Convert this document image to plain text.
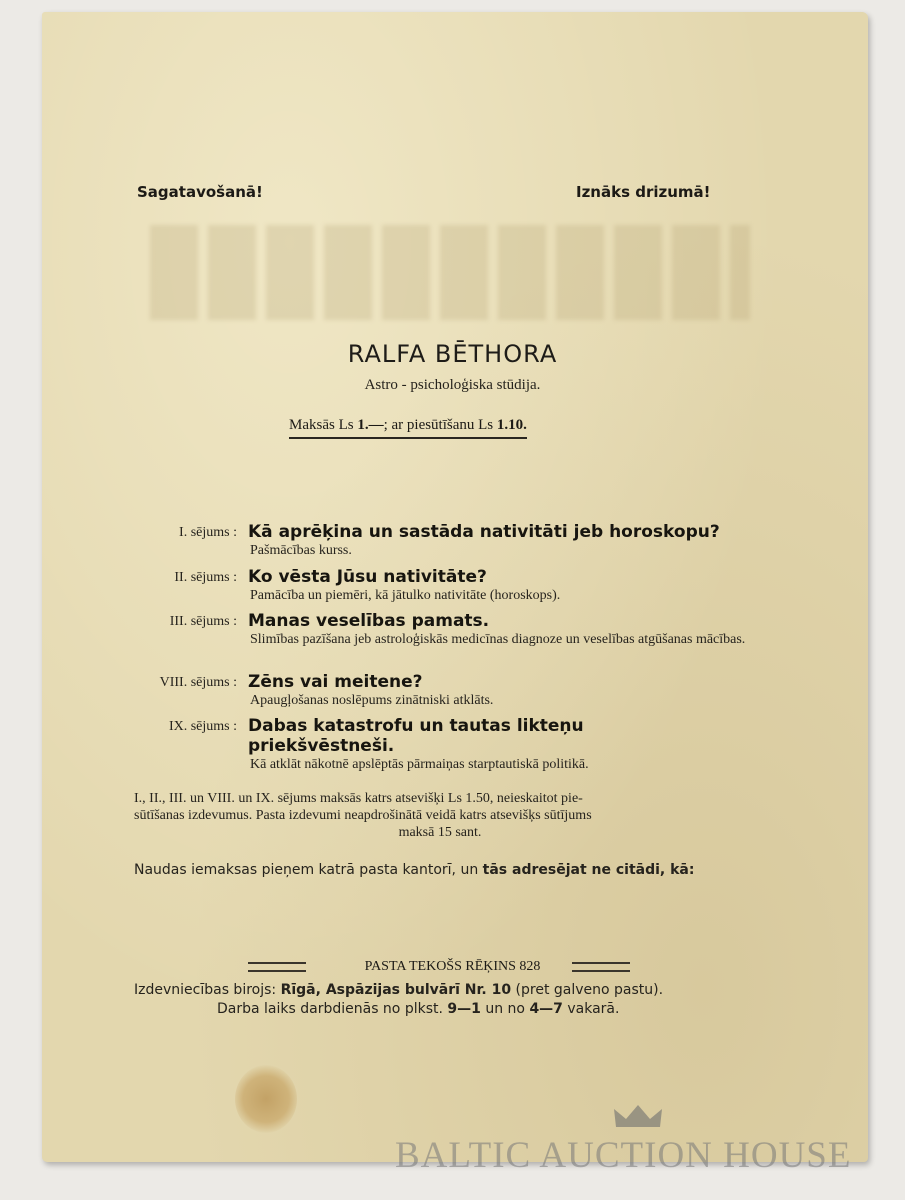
Sagatavošanā!	Iznāks drizumā!
RALFA BĒTHORA
Astro - psicholoģiska stūdija.
Maksās Ls 1.—; ar piesūtīšanu Ls 1.10.
I. sējums : Kā aprēķina un sastāda nativitāti jeb horoskopu?
Pašmācības kurss.
II. sējums : Ko vēsta Jūsu nativitāte?
Pamācība un piemēri, kā jātulko nativitāte (horoskops).
III. sējums : Manas veselības pamats.
Slimības pazīšana jeb astroloģiskās medicīnas diagnoze un veselības atgūšanas mācības.
VIII. sējums : Zēns vai meitene?
Apaugļošanas noslēpums zinātniski atklāts.
IX. sējums : Dabas katastrofu un tautas likteņu
priekšvēstneši.
Kā atklāt nākotnē apslēptās pārmaiņas starptautiskā politikā.
I., II., III. un VIII. un IX. sējums maksās katrs atsevišķi Ls 1.50, neieskaitot pie-
sūtīšanas izdevumus. Pasta izdevumi neapdrošinātā veidā katrs atsevišķs sūtījums
maksā 15 sant.
Naudas iemaksas pieņem katrā pasta kantorī, un tās adresējat ne citādi, kā:
PASTA TEKOŠS RĒĶINS 828
Izdevniecības birojs: Rīgā, Aspāzijas bulvārī Nr. 10 (pret galveno pastu).
Darba laiks darbdienās no plkst. 9—1 un no 4—7 vakarā.
BALTIC AUCTION HOUSE
